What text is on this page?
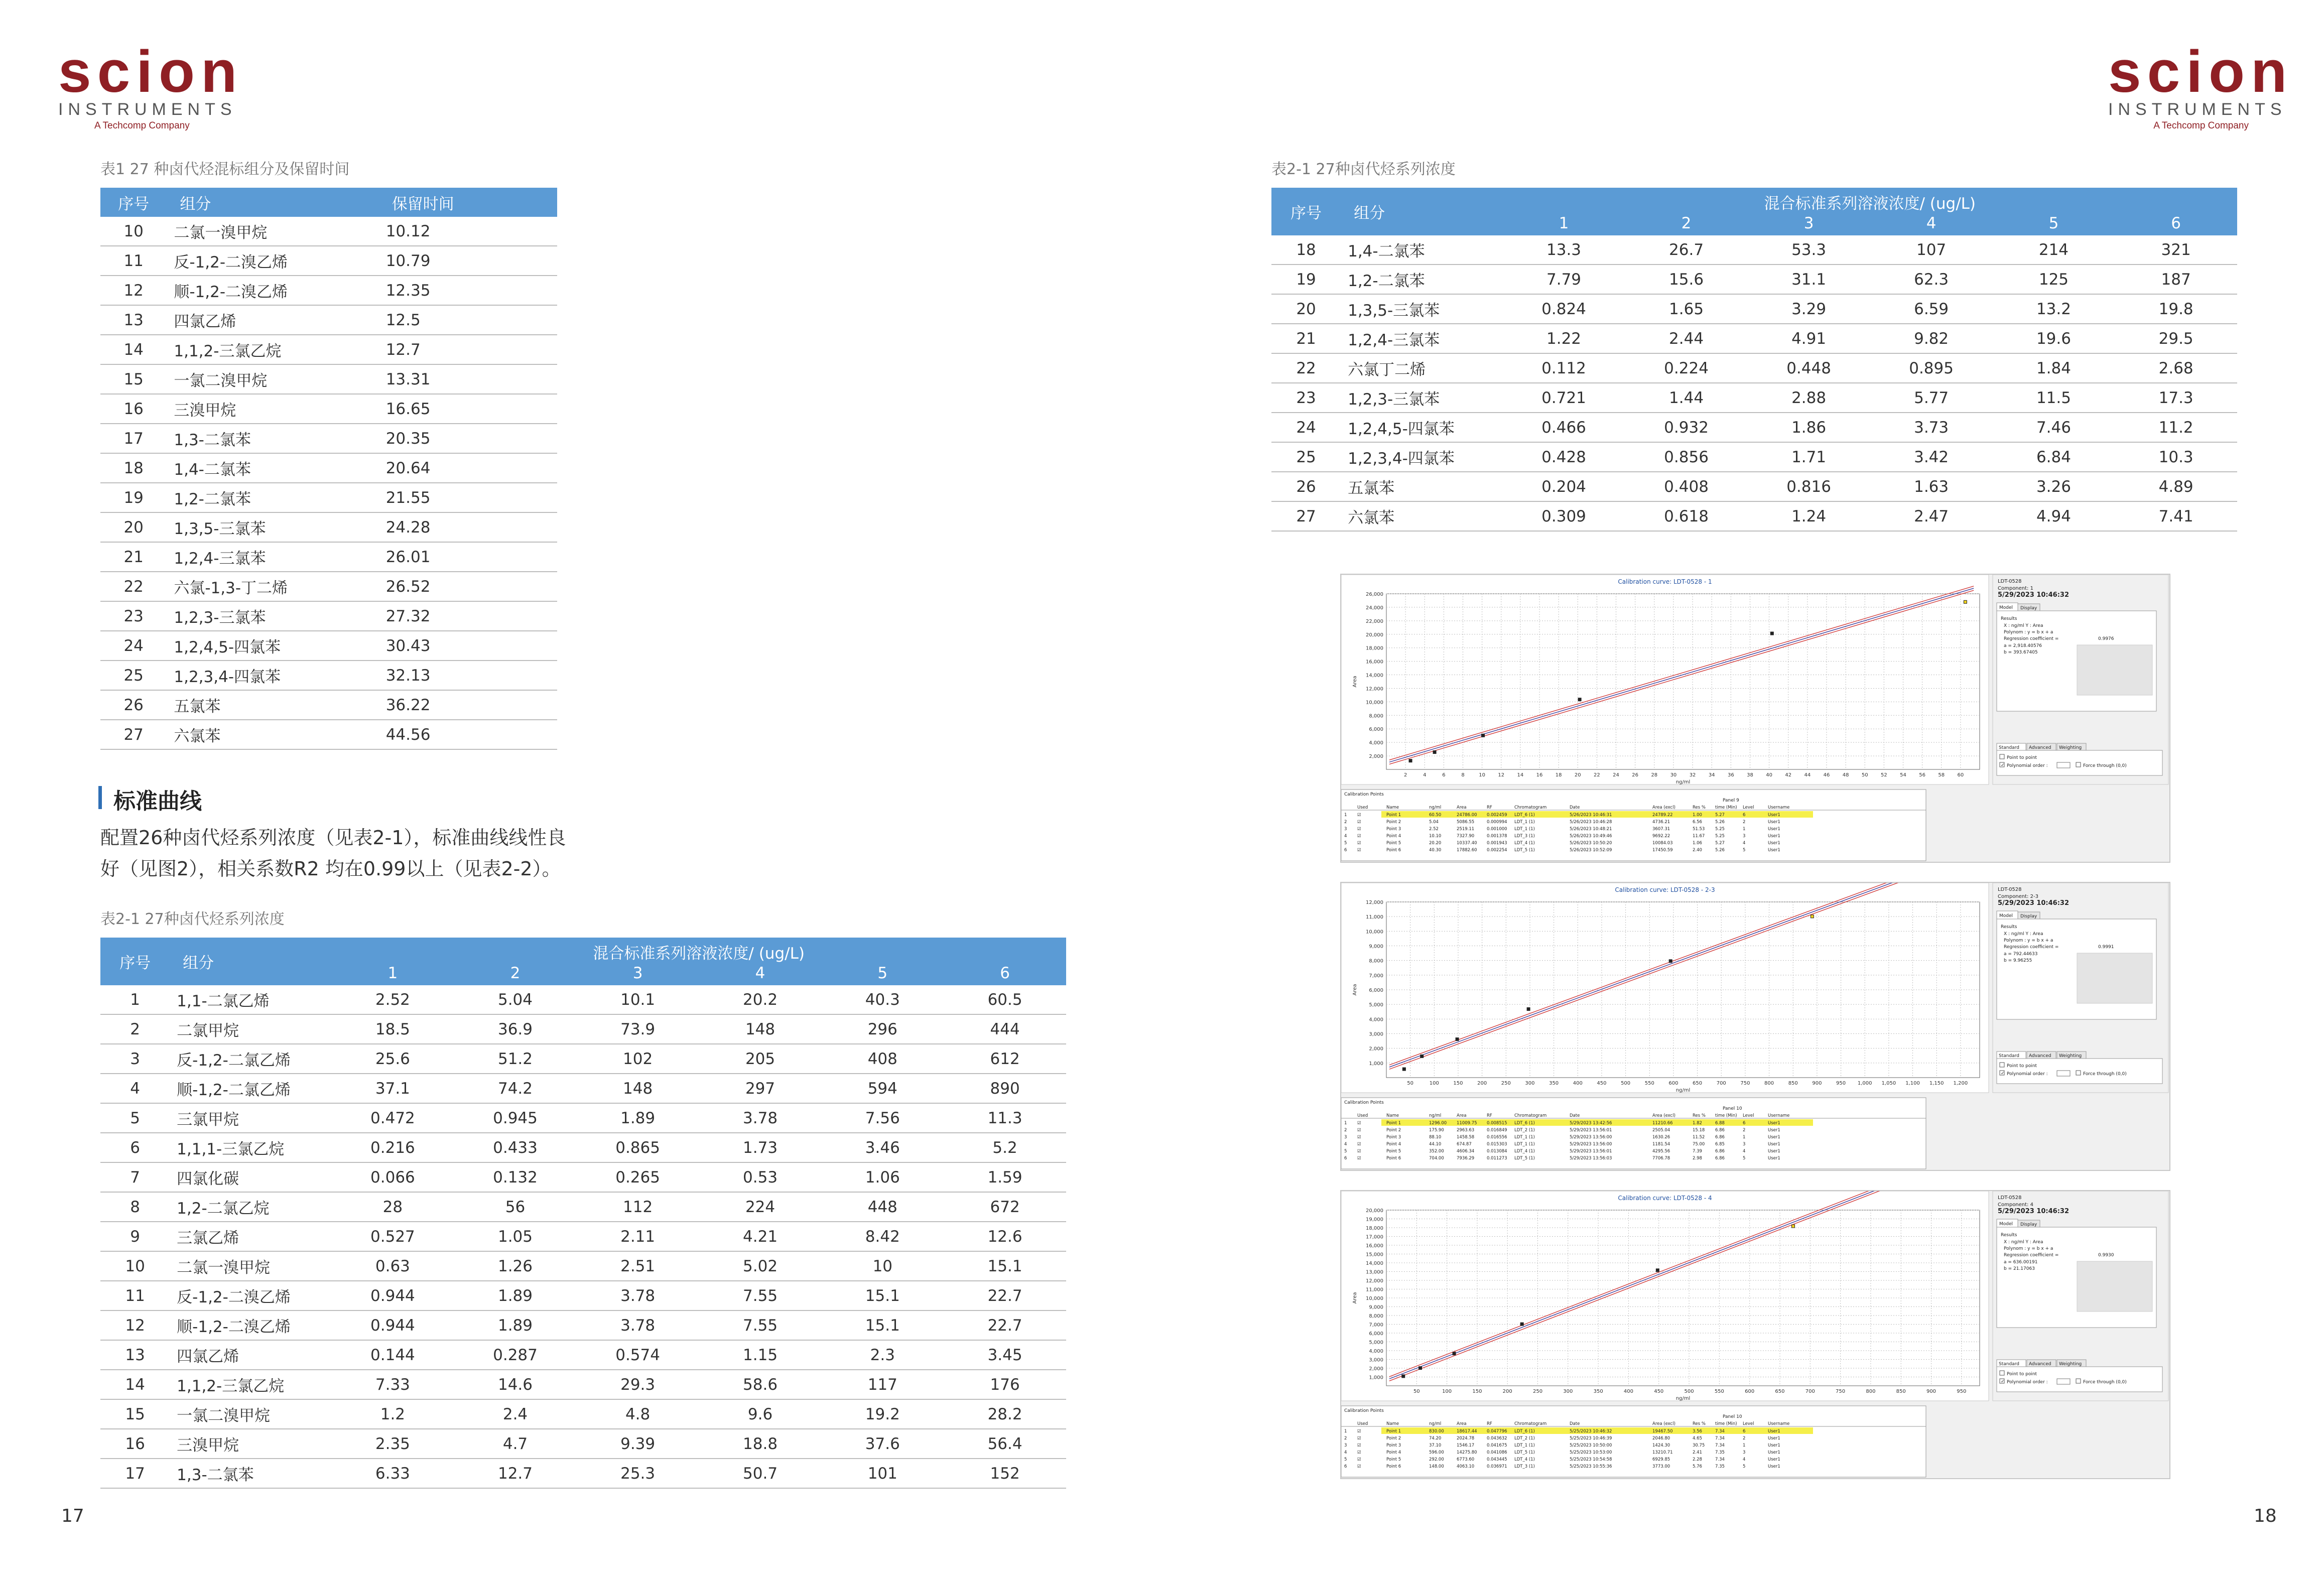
scion
INSTRUMENTS
A Techcomp Company
scion
INSTRUMENTS
A Techcomp Company
表1 27 种卤代烃混标组分及保留时间
序号	组分	保留时间
10	二氯一溴甲烷	10.12
11	反-1,2-二溴乙烯	10.79
12	顺-1,2-二溴乙烯	12.35
13	四氯乙烯	12.5
14	1,1,2-三氯乙烷	12.7
15	一氯二溴甲烷	13.31
16	三溴甲烷	16.65
17	1,3-二氯苯	20.35
18	1,4-二氯苯	20.64
19	1,2-二氯苯	21.55
20	1,3,5-三氯苯	24.28
21	1,2,4-三氯苯	26.01
22	六氯-1,3-丁二烯	26.52
23	1,2,3-三氯苯	27.32
24	1,2,4,5-四氯苯	30.43
25	1,2,3,4-四氯苯	32.13
26	五氯苯	36.22
27	六氯苯	44.56
标准曲线
配置26种卤代烃系列浓度（见表2-1），标准曲线线性良好（见图2），相关系数R2 均在0.99以上（见表2-2）。
表2-1 27种卤代烃系列浓度
序号	组分	混合标准系列溶液浓度/ (ug/L)					
		1	2	3	4	5	6
1	1,1-二氯乙烯	2.52	5.04	10.1	20.2	40.3	60.5
2	二氯甲烷	18.5	36.9	73.9	148	296	444
3	反-1,2-二氯乙烯	25.6	51.2	102	205	408	612
4	顺-1,2-二氯乙烯	37.1	74.2	148	297	594	890
5	三氯甲烷	0.472	0.945	1.89	3.78	7.56	11.3
6	1,1,1-三氯乙烷	0.216	0.433	0.865	1.73	3.46	5.2
7	四氯化碳	0.066	0.132	0.265	0.53	1.06	1.59
8	1,2-二氯乙烷	28	56	112	224	448	672
9	三氯乙烯	0.527	1.05	2.11	4.21	8.42	12.6
10	二氯一溴甲烷	0.63	1.26	2.51	5.02	10	15.1
11	反-1,2-二溴乙烯	0.944	1.89	3.78	7.55	15.1	22.7
12	顺-1,2-二溴乙烯	0.944	1.89	3.78	7.55	15.1	22.7
13	四氯乙烯	0.144	0.287	0.574	1.15	2.3	3.45
14	1,1,2-三氯乙烷	7.33	14.6	29.3	58.6	117	176
15	一氯二溴甲烷	1.2	2.4	4.8	9.6	19.2	28.2
16	三溴甲烷	2.35	4.7	9.39	18.8	37.6	56.4
17	1,3-二氯苯	6.33	12.7	25.3	50.7	101	152
表2-1 27种卤代烃系列浓度
序号	组分	混合标准系列溶液浓度/ (ug/L)					
		1	2	3	4	5	6
18	1,4-二氯苯	13.3	26.7	53.3	107	214	321
19	1,2-二氯苯	7.79	15.6	31.1	62.3	125	187
20	1,3,5-三氯苯	0.824	1.65	3.29	6.59	13.2	19.8
21	1,2,4-三氯苯	1.22	2.44	4.91	9.82	19.6	29.5
22	六氯丁二烯	0.112	0.224	0.448	0.895	1.84	2.68
23	1,2,3-三氯苯	0.721	1.44	2.88	5.77	11.5	17.3
24	1,2,4,5-四氯苯	0.466	0.932	1.86	3.73	7.46	11.2
25	1,2,3,4-四氯苯	0.428	0.856	1.71	3.42	6.84	10.3
26	五氯苯	0.204	0.408	0.816	1.63	3.26	4.89
27	六氯苯	0.309	0.618	1.24	2.47	4.94	7.41
Calibration curve: LDT-0528 - 1
2	4	6	8	10	12	14	16	18	20	22	24	26	28	30	32	34	36	38	40	42	44	46	48	50	52	54	56	58	60
2,000
4,000
6,000
8,000
10,000
12,000
14,000
16,000
18,000
20,000
22,000
24,000
26,000
ng/ml
Area
LDT-0528
Component: 1
5/29/2023 10:46:32
Model Display
Results
X : ng/ml Y : Area
Polynom : y = b x + a
Regression coefficient =	0.9976
a = 2,918.40576
b = 393.67405
Standard Advanced Weighting
Point to point
✓ Polynomial order :	Force through (0,0)
Calibration Points
Panel 9
Used	Name	ng/ml	Area	RF	Chromatogram	Date	Area (excl)	Res % time (Min) Level	Username
1 ☑	Point 1	60.50	24786.00 0.002459 LDT_6 (1)	5/26/2023 10:46:31	24789.22	1.00	5.27	6	User1
2 ☑	Point 2	5.04	5086.55	0.000994 LDT_1 (1)	5/26/2023 10:46:28	4736.21	6.56	5.26	2	User1
3 ☑	Point 3	2.52	2519.11	0.001000 LDT_1 (1)	5/26/2023 10:48:21	3607.31	51.53 5.25	1	User1
4 ☑	Point 4	10.10	7327.90	0.001378 LDT_3 (1)	5/26/2023 10:49:46	9692.22	11.67 5.25	3	User1
5 ☑	Point 5	20.20	10337.40 0.001943 LDT_4 (1)	5/26/2023 10:50:20	10084.03	1.06	5.27	4	User1
6 ☑	Point 6	40.30	17882.60 0.002254 LDT_5 (1)	5/26/2023 10:52:09	17450.59	2.40	5.26	5	User1
Calibration curve: LDT-0528 - 2-3
50	100	150	200	250	300	350	400	450	500	550	600	650	700	750	800	850	900	950 1,000 1,050 1,100 1,150 1,200
1,000
2,000
3,000
4,000
5,000
6,000
7,000
8,000
9,000
10,000
11,000
12,000
ng/ml
Area
LDT-0528
Component: 2-3
5/29/2023 10:46:32
Model Display
Results
X : ng/ml Y : Area
Polynom : y = b x + a
Regression coefficient =	0.9991
a = 792.44633
b = 9.96255
Standard Advanced Weighting
Point to point
✓ Polynomial order :	Force through (0,0)
Calibration Points
Panel 10
Used	Name	ng/ml	Area	RF	Chromatogram	Date	Area (excl)	Res % time (Min) Level	Username
1 ☑	Point 1	1296.00 11009.75 0.008515 LDT_6 (1)	5/29/2023 13:42:56	11210.66	1.82	6.88	6	User1
2 ☑	Point 2	175.90	2963.63	0.016849 LDT_2 (1)	5/29/2023 13:56:01	2505.04	15.18 6.86	2	User1
3 ☑	Point 3	88.10	1458.58	0.016556 LDT_1 (1)	5/29/2023 13:56:00	1630.26	11.52 6.86	1	User1
4 ☑	Point 4	44.10	674.87	0.015303 LDT_1 (1)	5/29/2023 13:56:00	1181.54	75.00 6.85	3	User1
5 ☑	Point 5	352.00	4606.34	0.013084 LDT_4 (1)	5/29/2023 13:56:01	4295.56	7.39	6.86	4	User1
6 ☑	Point 6	704.00	7936.29	0.011273 LDT_5 (1)	5/29/2023 13:56:03	7706.78	2.98	6.86	5	User1
Calibration curve: LDT-0528 - 4
50	100	150	200	250	300	350	400	450	500	550	600	650	700	750	800	850	900	950
1,000
2,000
3,000
4,000
5,000
6,000
7,000
8,000
9,000
10,000
11,000
12,000
13,000
14,000
15,000
16,000
17,000
18,000
19,000
20,000
ng/ml
Area
LDT-0528
Component: 4
5/29/2023 10:46:32
Model Display
Results
X : ng/ml Y : Area
Polynom : y = b x + a
Regression coefficient =	0.9930
a = 636.00191
b = 21.17063
Standard Advanced Weighting
Point to point
✓ Polynomial order :	Force through (0,0)
Calibration Points
Panel 10
Used	Name	ng/ml	Area	RF	Chromatogram	Date	Area (excl)	Res % time (Min) Level	Username
1 ☑	Point 1	830.00	18617.44 0.047796 LDT_6 (1)	5/25/2023 10:46:32	19467.50	3.56	7.34	6	User1
2 ☑	Point 2	74.20	2024.78	0.043632 LDT_2 (1)	5/25/2023 10:46:39	2046.80	4.65	7.34	2	User1
3 ☑	Point 3	37.10	1546.17	0.041675 LDT_1 (1)	5/25/2023 10:50:00	1424.30	30.75 7.34	1	User1
4 ☑	Point 4	596.00	14275.80 0.041086 LDT_5 (1)	5/25/2023 10:53:00	13210.71	2.41	7.35	3	User1
5 ☑	Point 5	292.00	6773.60	0.043445 LDT_4 (1)	5/25/2023 10:54:58	6929.85	2.28	7.34	4	User1
6 ☑	Point 6	148.00	4063.10	0.036971 LDT_3 (1)	5/25/2023 10:55:36	3773.00	5.76	7.35	5	User1
17	18
